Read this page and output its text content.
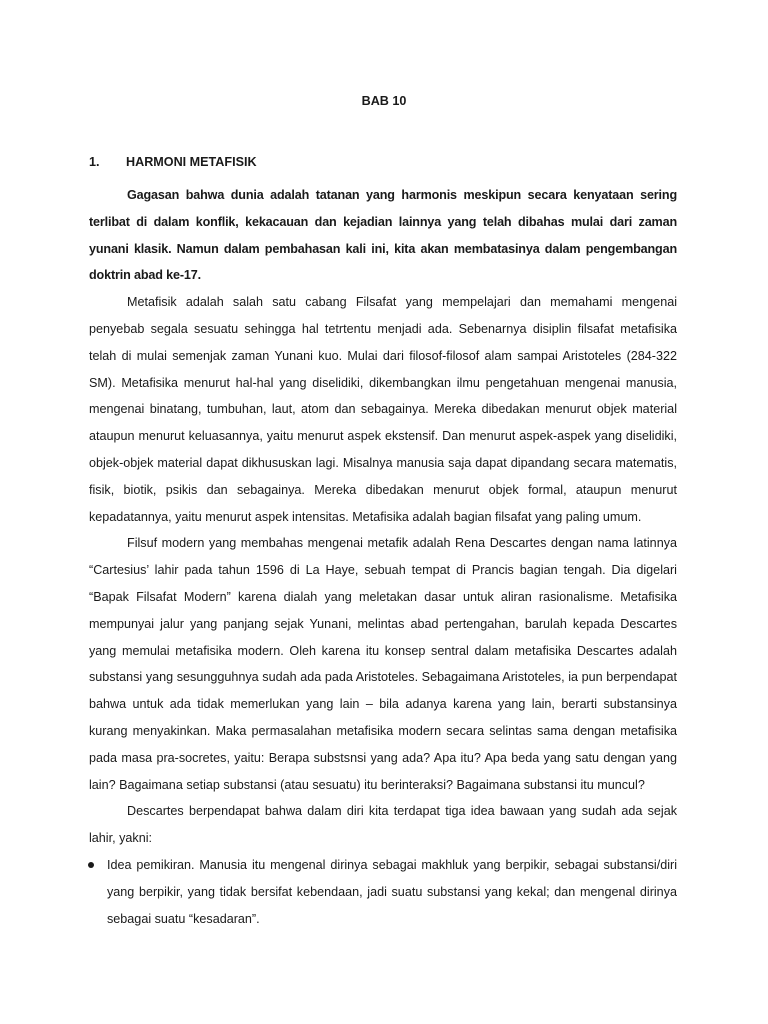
BAB 10
1. HARMONI METAFISIK

Gagasan bahwa dunia adalah tatanan yang harmonis meskipun secara kenyataan sering terlibat di dalam konflik, kekacauan dan kejadian lainnya yang telah dibahas mulai dari zaman yunani klasik. Namun dalam pembahasan kali ini, kita akan membatasinya dalam pengembangan doktrin abad ke-17.

Metafisik adalah salah satu cabang Filsafat yang mempelajari dan memahami mengenai penyebab segala sesuatu sehingga hal tetrtentu menjadi ada. Sebenarnya disiplin filsafat metafisika telah di mulai semenjak zaman Yunani kuo. Mulai dari filosof-filosof alam sampai Aristoteles (284-322 SM). Metafisika menurut hal-hal yang diselidiki, dikembangkan ilmu pengetahuan mengenai manusia, mengenai binatang, tumbuhan, laut, atom dan sebagainya. Mereka dibedakan menurut objek material ataupun menurut keluasannya, yaitu menurut aspek ekstensif. Dan menurut aspek-aspek yang diselidiki, objek-objek material dapat dikhususkan lagi. Misalnya manusia saja dapat dipandang secara matematis, fisik, biotik, psikis dan sebagainya. Mereka dibedakan menurut objek formal, ataupun menurut kepadatannya, yaitu menurut aspek intensitas. Metafisika adalah bagian filsafat yang paling umum.

Filsuf modern yang membahas mengenai metafik adalah Rena Descartes dengan nama latinnya “Cartesius’ lahir pada tahun 1596 di La Haye, sebuah tempat di Prancis bagian tengah. Dia digelari “Bapak Filsafat Modern” karena dialah yang meletakan dasar untuk aliran rasionalisme. Metafisika mempunyai jalur yang panjang sejak Yunani, melintas abad pertengahan, barulah kepada Descartes yang memulai metafisika modern. Oleh karena itu konsep sentral dalam metafisika Descartes adalah substansi yang sesungguhnya sudah ada pada Aristoteles. Sebagaimana Aristoteles, ia pun berpendapat bahwa untuk ada tidak memerlukan yang lain – bila adanya karena yang lain, berarti substansinya kurang menyakinkan. Maka permasalahan metafisika modern secara selintas sama dengan metafisika pada masa pra-socretes, yaitu: Berapa substsnsi yang ada? Apa itu? Apa beda yang satu dengan yang lain? Bagaimana setiap substansi (atau sesuatu) itu berinteraksi? Bagaimana substansi itu muncul?

Descartes berpendapat bahwa dalam diri kita terdapat tiga idea bawaan yang sudah ada sejak lahir, yakni:

Idea pemikiran. Manusia itu mengenal dirinya sebagai makhluk yang berpikir, sebagai substansi/diri yang berpikir, yang tidak bersifat kebendaan, jadi suatu substansi yang kekal; dan mengenal dirinya sebagai suatu “kesadaran”.
